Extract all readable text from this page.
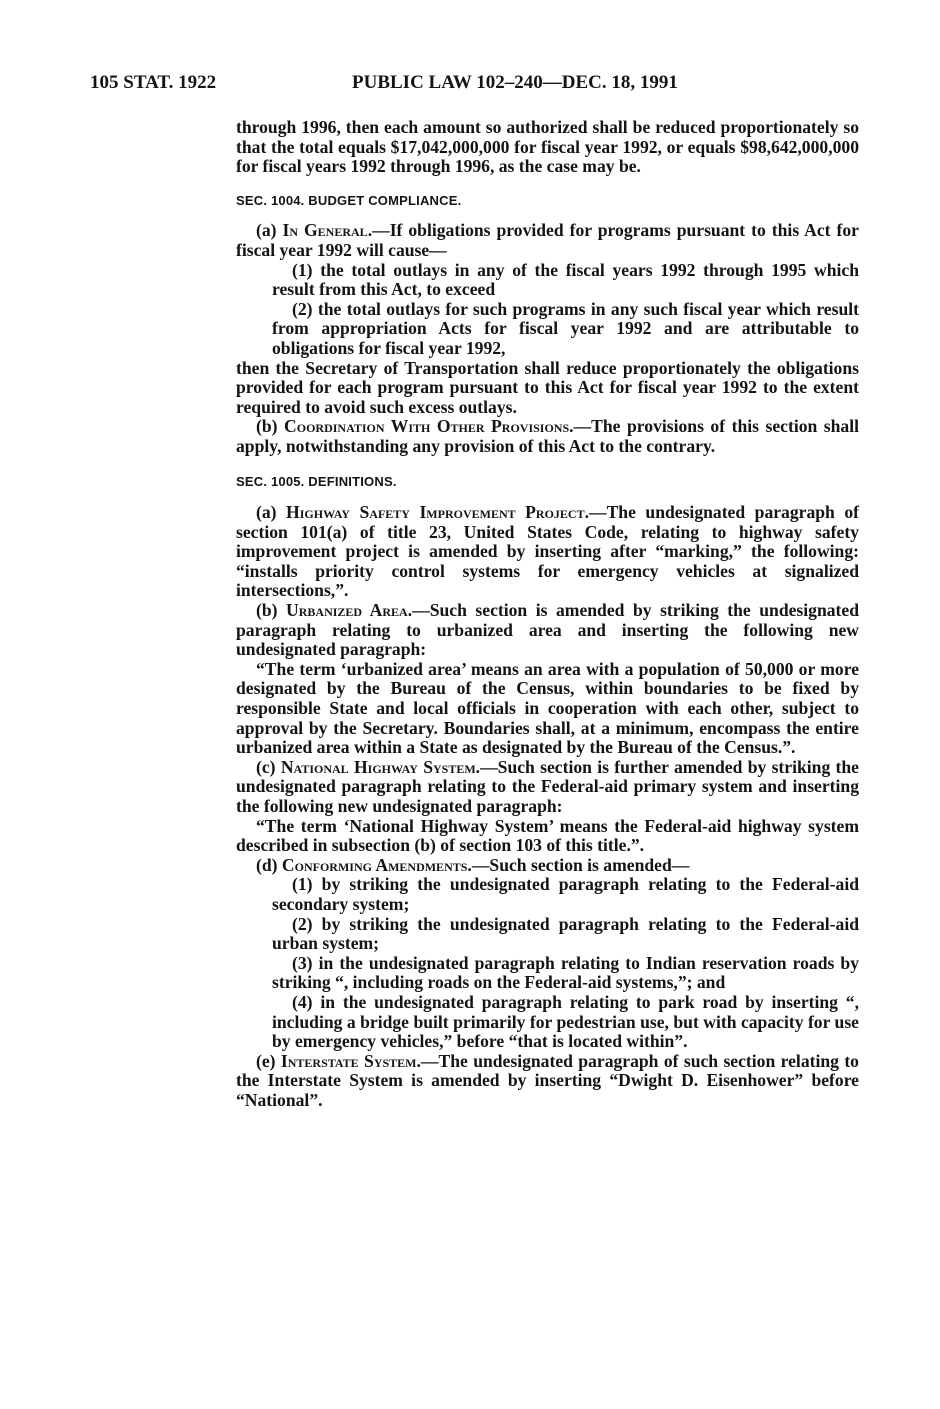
105 STAT. 1922	PUBLIC LAW 102–240—DEC. 18, 1991

through 1996, then each amount so authorized shall be reduced proportionately so that the total equals $17,042,000,000 for fiscal year 1992, or equals $98,642,000,000 for fiscal years 1992 through 1996, as the case may be.

SEC. 1004. BUDGET COMPLIANCE.

(a) In General.—If obligations provided for programs pursuant to this Act for fiscal year 1992 will cause—

(1) the total outlays in any of the fiscal years 1992 through 1995 which result from this Act, to exceed

(2) the total outlays for such programs in any such fiscal year which result from appropriation Acts for fiscal year 1992 and are attributable to obligations for fiscal year 1992,

then the Secretary of Transportation shall reduce proportionately the obligations provided for each program pursuant to this Act for fiscal year 1992 to the extent required to avoid such excess outlays.

(b) Coordination With Other Provisions.—The provisions of this section shall apply, notwithstanding any provision of this Act to the contrary.

SEC. 1005. DEFINITIONS.

(a) Highway Safety Improvement Project.—The undesignated paragraph of section 101(a) of title 23, United States Code, relating to highway safety improvement project is amended by inserting after “marking,” the following: “installs priority control systems for emergency vehicles at signalized intersections,”.

(b) Urbanized Area.—Such section is amended by striking the undesignated paragraph relating to urbanized area and inserting the following new undesignated paragraph:

“The term ‘urbanized area’ means an area with a population of 50,000 or more designated by the Bureau of the Census, within boundaries to be fixed by responsible State and local officials in cooperation with each other, subject to approval by the Secretary. Boundaries shall, at a minimum, encompass the entire urbanized area within a State as designated by the Bureau of the Census.”.

(c) National Highway System.—Such section is further amended by striking the undesignated paragraph relating to the Federal-aid primary system and inserting the following new undesignated paragraph:

“The term ‘National Highway System’ means the Federal-aid highway system described in subsection (b) of section 103 of this title.”.

(d) Conforming Amendments.—Such section is amended—

(1) by striking the undesignated paragraph relating to the Federal-aid secondary system;

(2) by striking the undesignated paragraph relating to the Federal-aid urban system;

(3) in the undesignated paragraph relating to Indian reservation roads by striking “, including roads on the Federal-aid systems,”; and

(4) in the undesignated paragraph relating to park road by inserting “, including a bridge built primarily for pedestrian use, but with capacity for use by emergency vehicles,” before “that is located within”.

(e) Interstate System.—The undesignated paragraph of such section relating to the Interstate System is amended by inserting “Dwight D. Eisenhower” before “National”.
